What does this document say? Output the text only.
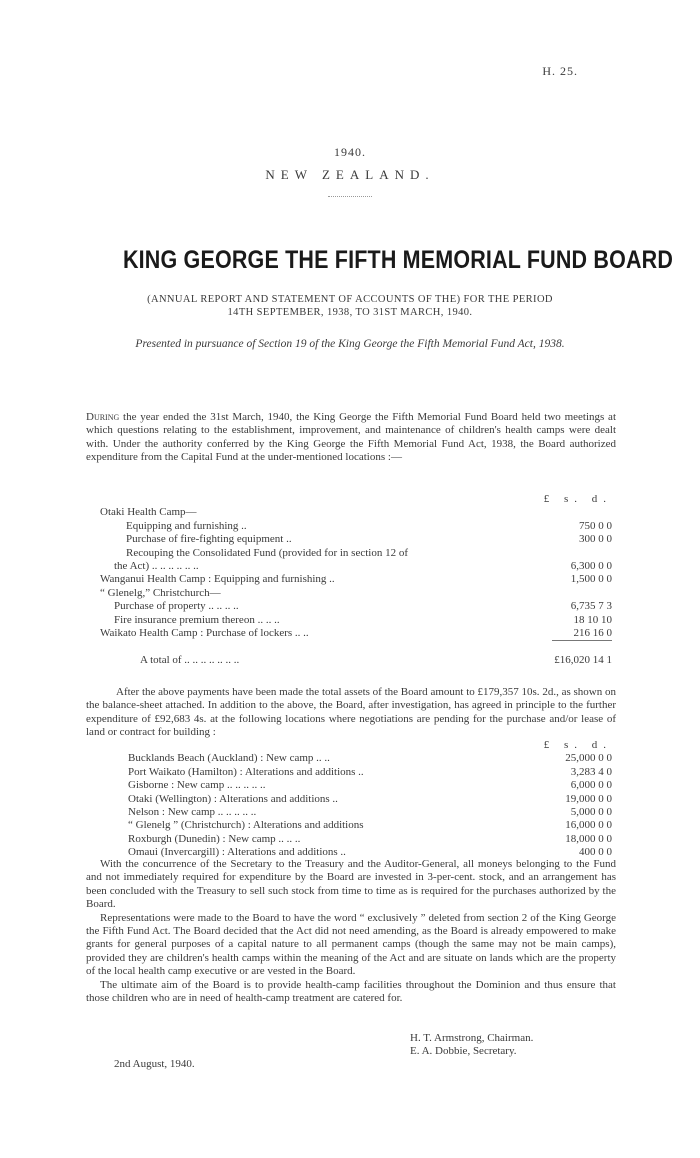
H. 25.
1940.
NEW ZEALAND.
KING GEORGE THE FIFTH MEMORIAL FUND BOARD
(ANNUAL REPORT AND STATEMENT OF ACCOUNTS OF THE) FOR THE PERIOD
14TH SEPTEMBER, 1938, TO 31ST MARCH, 1940.
Presented in pursuance of Section 19 of the King George the Fifth Memorial Fund Act, 1938.
During the year ended the 31st March, 1940, the King George the Fifth Memorial Fund Board held two meetings at which questions relating to the establishment, improvement, and maintenance of children's health camps were dealt with. Under the authority conferred by the King George the Fifth Memorial Fund Act, 1938, the Board authorized expenditure from the Capital Fund at the under-mentioned locations :—
£ s. d.
Otaki Health Camp—
Equipping and furnishing ..	750 0 0
Purchase of fire-fighting equipment ..	300 0 0
Recouping the Consolidated Fund (provided for in section 12 of
the Act) .. .. .. .. .. ..	6,300 0 0
Wanganui Health Camp : Equipping and furnishing ..	1,500 0 0
“ Glenelg,” Christchurch—
Purchase of property .. .. .. ..	6,735 7 3
Fire insurance premium thereon .. .. ..	18 10 10
Waikato Health Camp : Purchase of lockers .. ..	216 16 0
A total of .. .. .. .. .. .. ..	£16,020 14 1
After the above payments have been made the total assets of the Board amount to £179,357 10s. 2d., as shown on the balance-sheet attached. In addition to the above, the Board, after investigation, has agreed in principle to the further expenditure of £92,683 4s. at the following locations where negotiations are pending for the purchase and/or lease of land or contract for building :
£ s. d.
Bucklands Beach (Auckland) : New camp .. ..	25,000 0 0
Port Waikato (Hamilton) : Alterations and additions ..	3,283 4 0
Gisborne : New camp .. .. .. .. ..	6,000 0 0
Otaki (Wellington) : Alterations and additions ..	19,000 0 0
Nelson : New camp .. .. .. .. ..	5,000 0 0
“ Glenelg ” (Christchurch) : Alterations and additions	16,000 0 0
Roxburgh (Dunedin) : New camp .. .. ..	18,000 0 0
Omaui (Invercargill) : Alterations and additions ..	400 0 0
With the concurrence of the Secretary to the Treasury and the Auditor-General, all moneys belonging to the Fund and not immediately required for expenditure by the Board are invested in 3-per-cent. stock, and an arrangement has been concluded with the Treasury to sell such stock from time to time as is required for the purchases authorized by the Board.
Representations were made to the Board to have the word “ exclusively ” deleted from section 2 of the King George the Fifth Fund Act. The Board decided that the Act did not need amending, as the Board is already empowered to make grants for general purposes of a capital nature to all permanent camps (though the same may not be main camps), provided they are children's health camps within the meaning of the Act and are situate on lands which are the property of the local health camp executive or are vested in the Board.
The ultimate aim of the Board is to provide health-camp facilities throughout the Dominion and thus ensure that those children who are in need of health-camp treatment are catered for.
H. T. Armstrong, Chairman.
E. A. Dobbie, Secretary.
2nd August, 1940.
